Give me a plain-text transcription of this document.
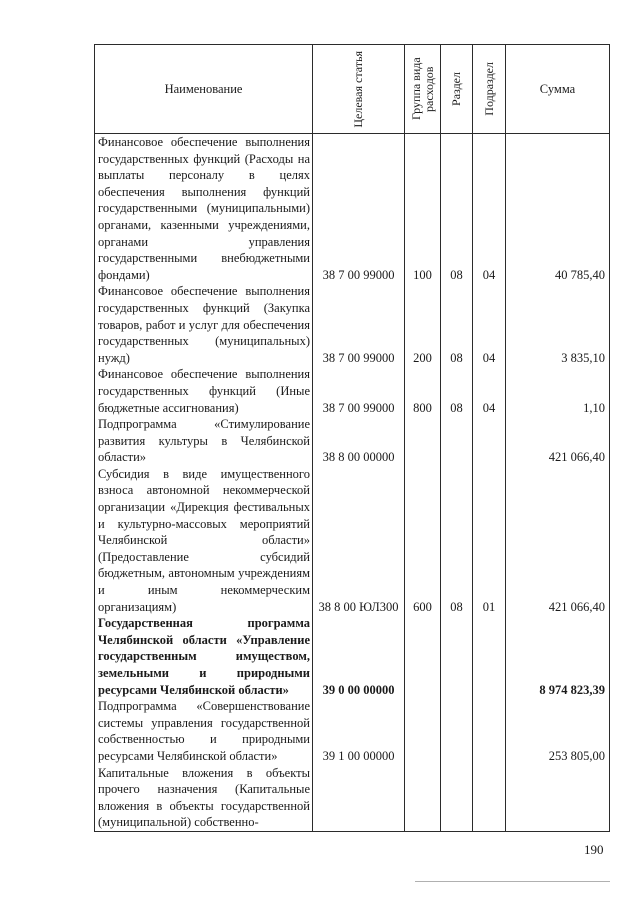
Наименование	Целевая статья	Группа вида расходов	Раздел	Подраздел	Сумма
Финансовое обеспечение выполнения государственных функций (Расходы на выплаты персоналу в целях обеспечения выполнения функций государственными (муниципальными) органами, казенными учреждениями, органами управления государственными внебюджетными фондами)	38 7 00 99000	100	08	04	40 785,40
Финансовое обеспечение выполнения государственных функций (Закупка товаров, работ и услуг для обеспечения государственных (муниципальных) нужд)	38 7 00 99000	200	08	04	3 835,10
Финансовое обеспечение выполнения государственных функций (Иные бюджетные ассигнования)	38 7 00 99000	800	08	04	1,10
Подпрограмма «Стимулирование развития культуры в Челябинской области»	38 8 00 00000				421 066,40
Субсидия в виде имущественного взноса автономной некоммерческой организации «Дирекция фестивальных и культурно-массовых мероприятий Челябинской области» (Предоставление субсидий бюджетным, автономным учреждениям и иным некоммерческим организациям)	38 8 00 ЮЛ300	600	08	01	421 066,40
Государственная программа Челябинской области «Управление государственным имуществом, земельными и природными ресурсами Челябинской области»	39 0 00 00000				8 974 823,39
Подпрограмма «Совершенствование системы управления государственной собственностью и природными ресурсами Челябинской области»	39 1 00 00000				253 805,00
Капитальные вложения в объекты прочего назначения (Капитальные вложения в объекты государственной (муниципальной) собственно-					
190
